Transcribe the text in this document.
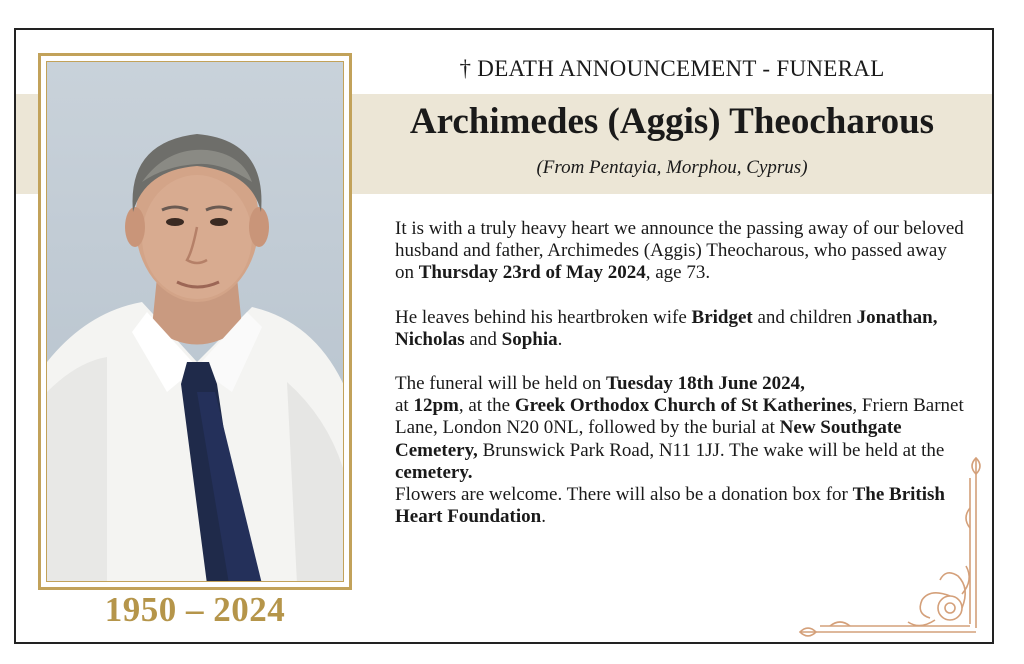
1950 – 2024
† DEATH ANNOUNCEMENT - FUNERAL
Archimedes (Aggis) Theocharous
(From Pentayia, Morphou, Cyprus)

It is with a truly heavy heart we announce the passing away of our beloved husband and father, Archimedes (Aggis) Theocharous, who passed away on Thursday 23rd of May 2024, age 73.

He leaves behind his heartbroken wife Bridget and children Jonathan, Nicholas and Sophia.

The funeral will be held on Tuesday 18th June 2024,
at 12pm, at the Greek Orthodox Church of St Katherines, Friern Barnet Lane, London N20 0NL, followed by the burial at New Southgate Cemetery, Brunswick Park Road, N11 1JJ. The wake will be held at the cemetery.
Flowers are welcome. There will also be a donation box for The British Heart Foundation.
